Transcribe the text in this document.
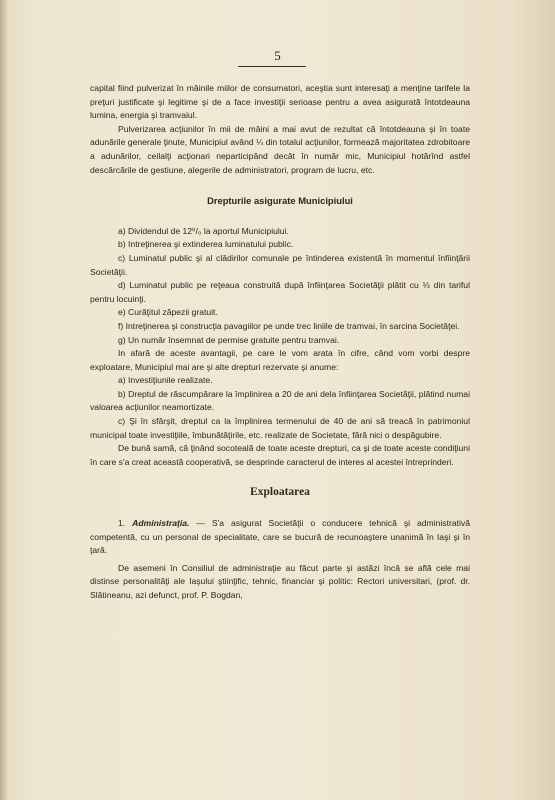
5

capital fiind pulverizat în mâinile miilor de consumatori, aceştia sunt interesaţi a menţine tarifele la preţuri justificate şi legitime şi de a face investiţii serioase pentru a avea asigurată întotdeauna lumina, energia şi tramvaiul.

Pulverizarea acţiunilor în mii de mâini a mai avut de rezultat că întotdeauna şi în toate adunările generale ţinute, Municipiul având ¼ din totalul acţiunilor, formează majoritatea zdrobitoare a adunărilor, ceilalţi acţionari neparticipând decât în număr mic, Municipiul hotărînd astfel descărcările de gestiune, alegerile de administratori, program de lucru, etc.

Drepturile asigurate Municipiului

a) Dividendul de 12⁰/₀ la aportul Municipiului.

b) Intreţinerea şi extinderea luminatului public.

c) Luminatul public şi al clădirilor comunale pe întinderea existentă în momentul înfiinţării Societăţii.

d) Luminatul public pe reţeaua construită după înfiinţarea Societăţii plătit cu ⅓ din tariful pentru locuinţi.

e) Curăţitul zăpezii gratuit.

f) Intreţinerea şi construcţia pavagiilor pe unde trec liniile de tramvai, în sarcina Societăţei.

g) Un număr însemnat de permise gratuite pentru tramvai.

In afară de aceste avantagii, pe care le vom arata în cifre, când vom vorbi despre exploatare, Municipiul mai are şi alte drepturi rezervate şi anume:

a) Investiţiunile realizate.

b) Dreptul de răscumpărare la împlinirea a 20 de ani dela înfiinţarea Societăţii, plătind numai valoarea acţiunilor neamortizate.

c) Şi în sfârşit, dreptul ca la împlinirea termenului de 40 de ani să treacă în patrimoniul municipal toate investiţiile, îmbunătăţirile, etc. realizate de Societate, fără nici o despăgubire.

De bună samă, că ţinând socoteală de toate aceste drepturi, ca şi de toate aceste condiţiuni în care s'a creat această cooperativă, se desprinde caracterul de interes al acestei întreprinderi.

Exploatarea

1. Administraţia. — S'a asigurat Societăţii o conducere tehnică şi administrativă competentă, cu un personal de specialitate, care se bucură de recunoaştere unanimă în Iaşi şi în ţară.

De asemeni în Consiliul de administraţie au făcut parte şi astăzi încă se află cele mai distinse personalităţi ale Iaşului ştiinţific, tehnic, financiar şi politic: Rectori universitari, (prof. dr. Slătineanu, azi defunct, prof. P. Bogdan,
